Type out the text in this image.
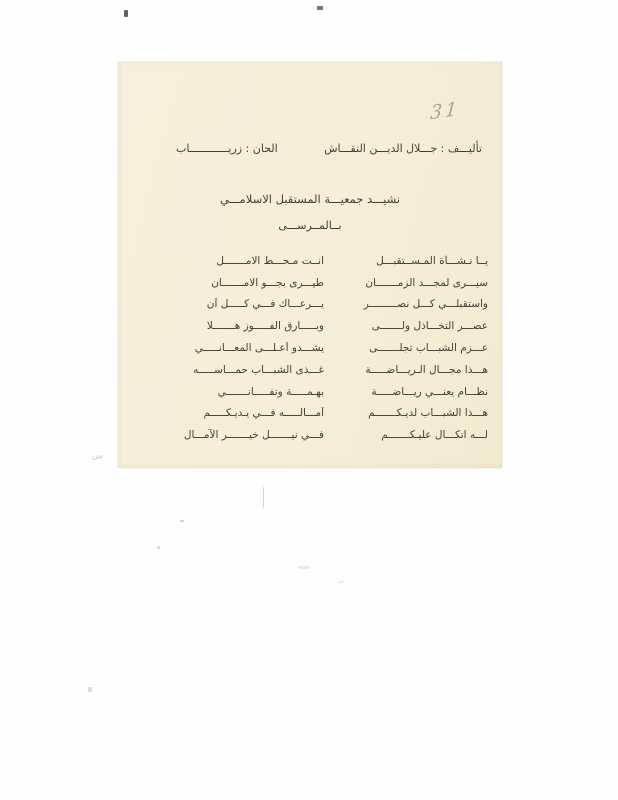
س
31
تأليـــف : جـــلال الديـــن النقـــاش
الحان : زريــــــــــــاب
نشيـــد جمعيـــة المستقبل الاسلامـــي
بــالمــرســـى
يــا نـشـــأة المـســتقبـــل
انــت مـحـــط الامـــــــل
سيـــرى لمجـــد الزمـــــــان
طيـــرى بجـــو الامـــــــان
واستقبلـــي كـــل نصـــــــــر
يـــرعـــاك فـــي كـــــل آن
عصـــر التخـــاذل ولـــــــى
وبـــــارق الفـــــوز هـــــــلا
عـــزم الشبـــاب تجلـــــــى
يشـــدو أعـلـــى المعـــانـــــي
هـــذا مجـــال الـريـــاضـــــة
غـــذى الشبـــاب حمـــاســـــه
نظـــام يعنـــي ريـــاضـــــة
بهـمـــــة وتفـــــانـــــــي
هـــذا الشبـــاب لديـكـــــــم
آمـــالـــــه فـــي يـديـكـــــم
لـــه اتكـــال عليـكـــــــم
فـــي نيـــــــل خيـــــــر الآمـــال
